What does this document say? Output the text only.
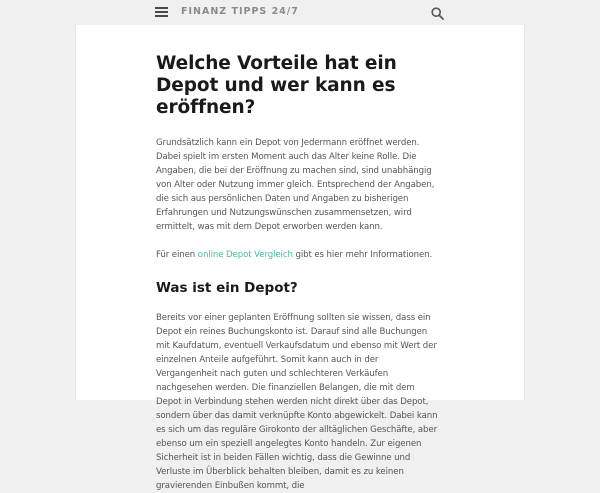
FINANZ TIPPS 24/7
Welche Vorteile hat ein Depot und wer kann es eröffnen?

Grundsätzlich kann ein Depot von Jedermann eröffnet werden. Dabei spielt im ersten Moment auch das Alter keine Rolle. Die Angaben, die bei der Eröffnung zu machen sind, sind unabhängig von Alter oder Nutzung immer gleich. Entsprechend der Angaben, die sich aus persönlichen Daten und Angaben zu bisherigen Erfahrungen und Nutzungswünschen zusammensetzen, wird ermittelt, was mit dem Depot erworben werden kann.

Für einen online Depot Vergleich gibt es hier mehr Informationen.

Was ist ein Depot?

Bereits vor einer geplanten Eröffnung sollten sie wissen, dass ein Depot ein reines Buchungskonto ist. Darauf sind alle Buchungen mit Kaufdatum, eventuell Verkaufsdatum und ebenso mit Wert der einzelnen Anteile aufgeführt. Somit kann auch in der Vergangenheit nach guten und schlechteren Verkäufen nachgesehen werden. Die finanziellen Belangen, die mit dem Depot in Verbindung stehen werden nicht direkt über das Depot, sondern über das damit verknüpfte Konto abgewickelt. Dabei kann es sich um das reguläre Girokonto der alltäglichen Geschäfte, aber ebenso um ein speziell angelegtes Konto handeln. Zur eigenen Sicherheit ist in beiden Fällen wichtig, dass die Gewinne und Verluste im Überblick behalten bleiben, damit es zu keinen gravierenden Einbußen kommt, die
